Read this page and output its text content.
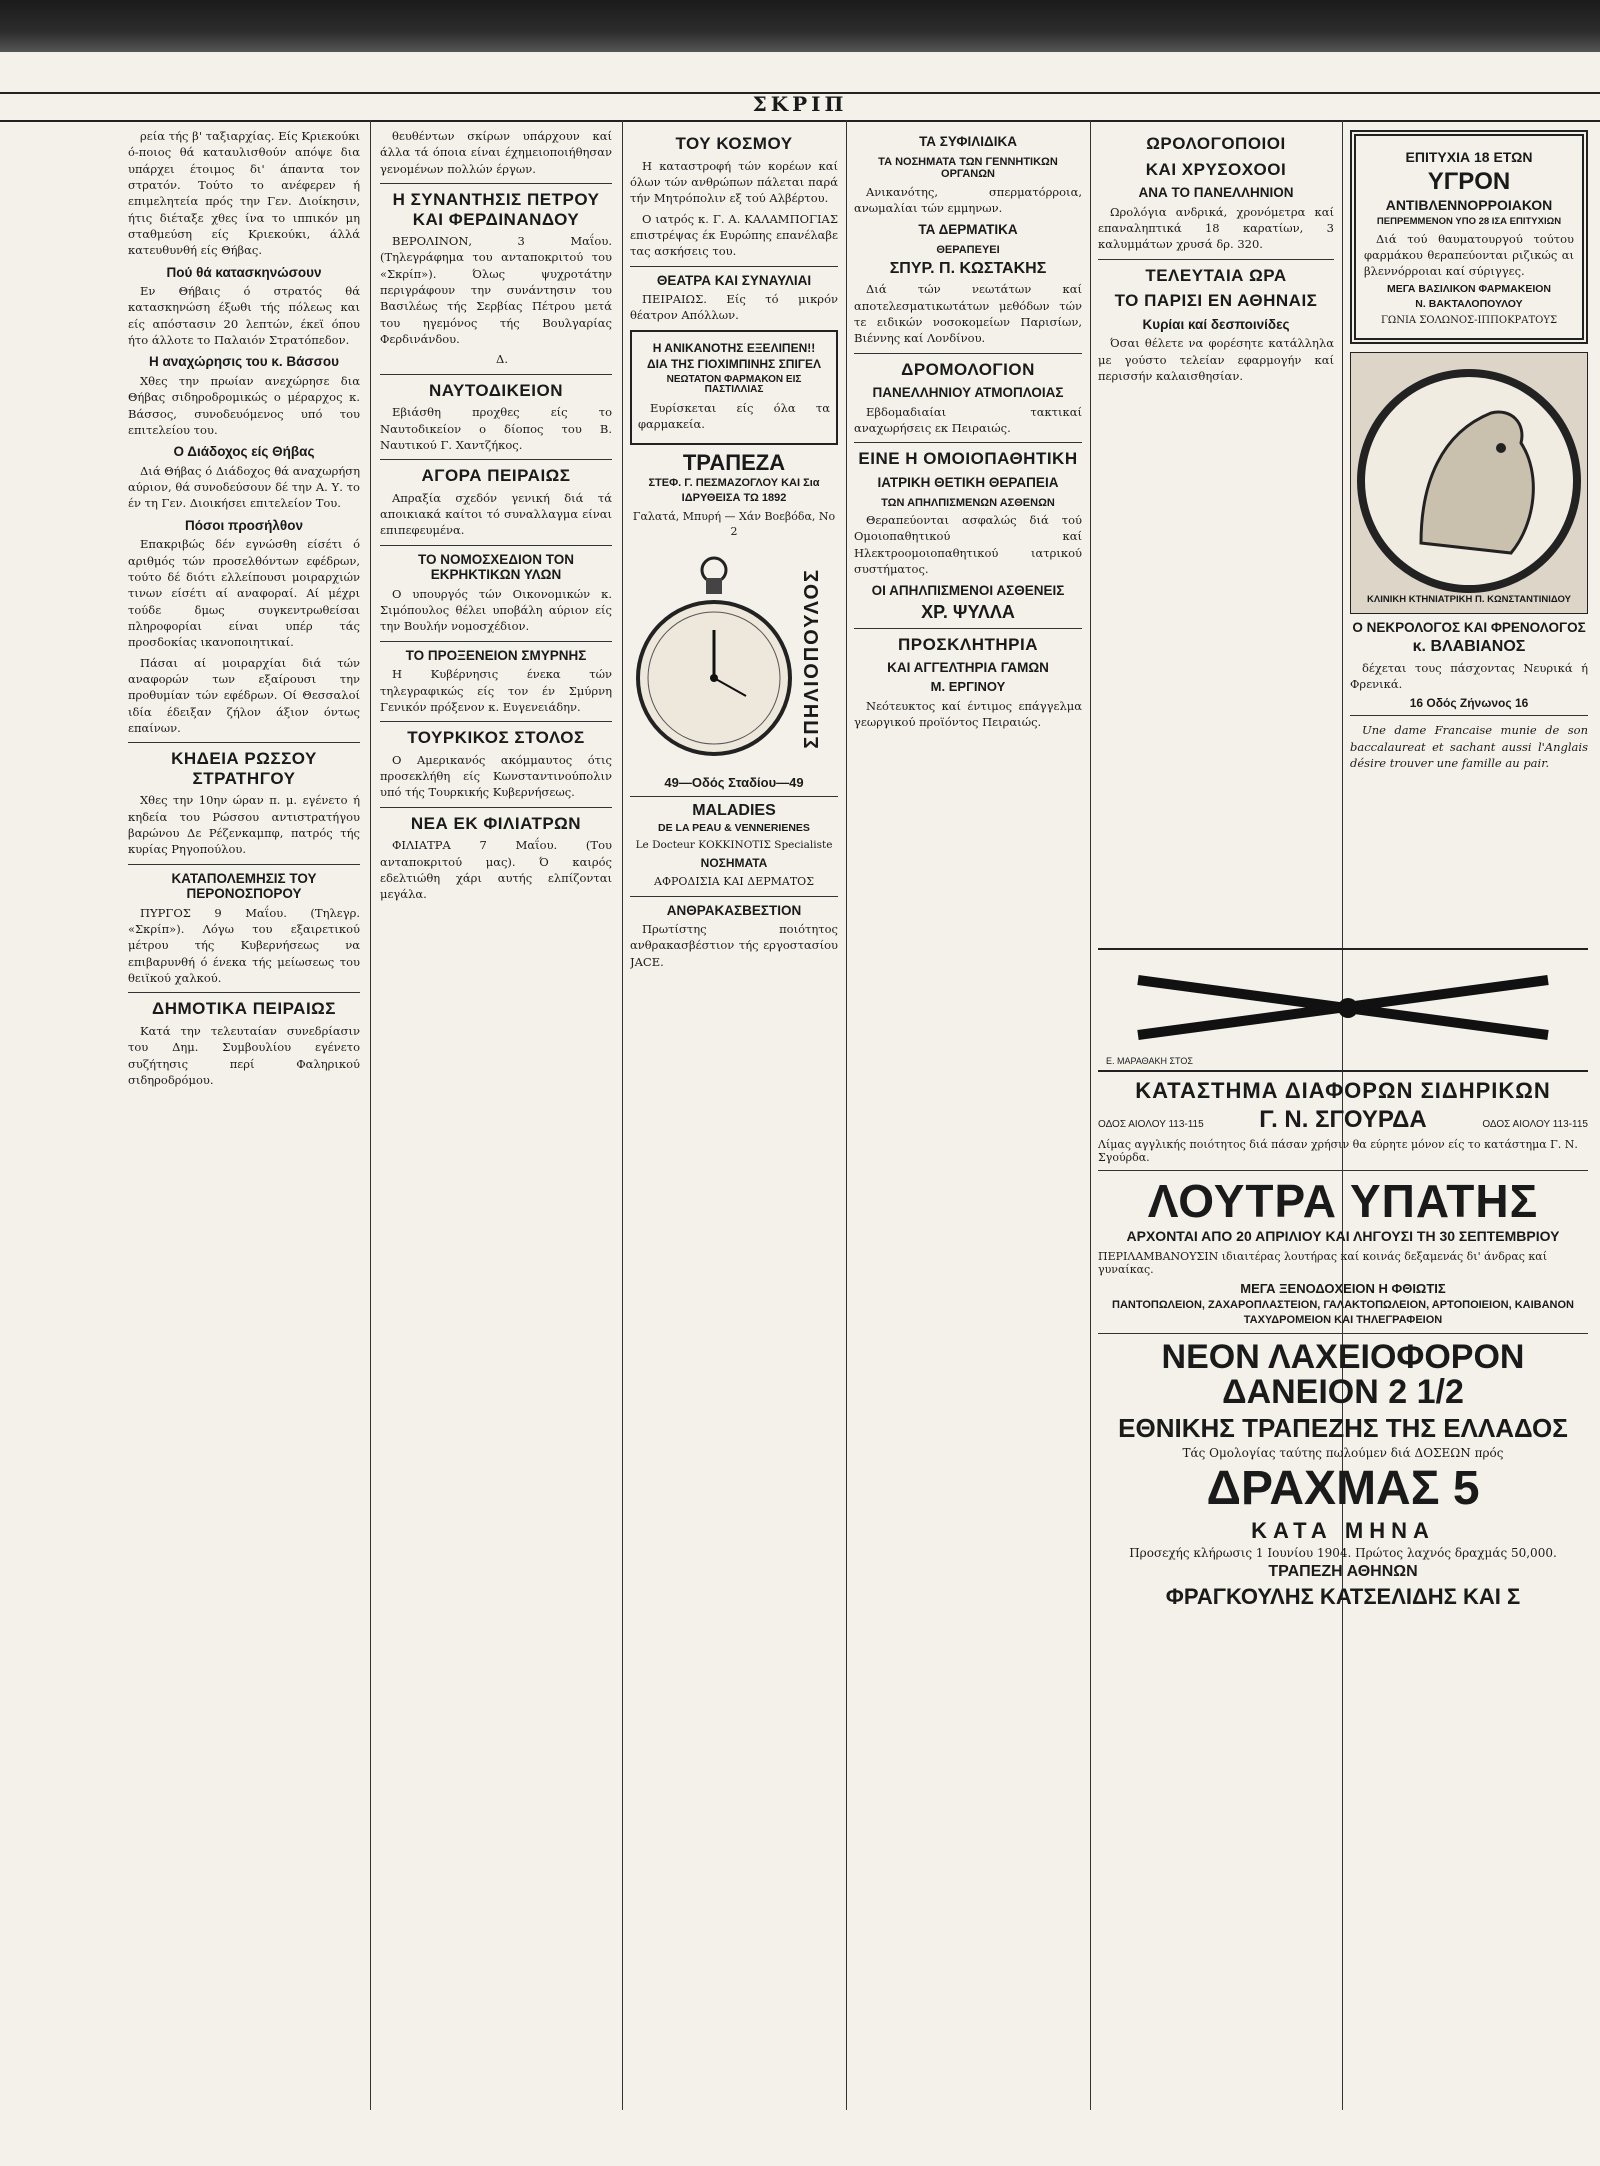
ΣΚΡΙΠ

ρεία τής β' ταξιαρχίας. Είς Κριεκούκι ό-ποιος θά καταυλισθούν απόψε δια υπάρχει έτοιμος δι' άπαντα τον στρατόν. Τούτο το ανέφερεν ή επιμελητεία πρός την Γεν. Διοίκησιν, ήτις διέταξε χθες ίνα το ιππικόν μη σταθμεύση είς Κριεκούκι, άλλά κατευθυνθή είς Θήβας.

Πού θά κατασκηνώσουν

Εν Θήβαις ό στρατός θά κατασκηνώση έξωθι τής πόλεως και είς απόστασιν 20 λεπτών, έκεϊ όπου ήτο άλλοτε το Παλαιόν Στρατόπεδον.

Η αναχώρησις του κ. Βάσσου

Χθες την πρωίαν ανεχώρησε δια Θήβας σιδηροδρομικώς ο μέραρχος κ. Βάσσος, συνοδευόμενος υπό του επιτελείου του.

Ο Διάδοχος είς Θήβας

Διά Θήβας ό Διάδοχος θά αναχωρήση αύριον, θά συνοδεύσουν δέ την Α. Υ. το έν τη Γεν. Διοικήσει επιτελείον Του.

Πόσοι προσήλθον

Επακριβώς δέν εγνώσθη είσέτι ό αριθμός τών προσελθόντων εφέδρων, τούτο δέ διότι ελλείπουσι μοιραρχιών τινων είσέτι αί αναφοραί. Αί μέχρι τούδε δμως συγκεντρωθείσαι πληροφορίαι είναι υπέρ τάς προσδοκίας ικανοποιητικαί.

Πάσαι αί μοιραρχίαι διά τών αναφορών των εξαίρουσι την προθυμίαν τών εφέδρων. Οί Θεσσαλοί ιδία έδειξαν ζήλον άξιον όντως επαίνων.

ΚΗΔΕΙΑ ΡΩΣΣΟΥ ΣΤΡΑΤΗΓΟΥ

Χθες την 10ην ώραν π. μ. εγένετο ή κηδεία του Ρώσσου αντιστρατήγου βαρώνου Δε Ρέζενκαμπφ, πατρός τής κυρίας Ρηγοπούλου.

ΚΑΤΑΠΟΛΕΜΗΣΙΣ ΤΟΥ ΠΕΡΟΝΟΣΠΟΡΟΥ

ΠΥΡΓΟΣ 9 Μαΐου. (Τηλεγρ. «Σκρίπ»). Λόγω του εξαιρετικού μέτρου τής Κυβερνήσεως να επιβαρυνθή ό ένεκα τής μείωσεως του θειϊκού χαλκού.

ΔΗΜΟΤΙΚΑ ΠΕΙΡΑΙΩΣ

Κατά την τελευταίαν συνεδρίασιν του Δημ. Συμβουλίου εγένετο συζήτησις περί Φαληρικού σιδηροδρόμου.

θευθέντων σκίρων υπάρχουν καί άλλα τά όποια είναι έχημειοποιήθησαν γενομένων πολλών έργων.

Η ΣΥΝΑΝΤΗΣΙΣ ΠΕΤΡΟΥ ΚΑΙ ΦΕΡΔΙΝΑΝΔΟΥ

ΒΕΡΟΛΙΝΟΝ, 3 Μαΐου. (Τηλεγράφημα του ανταποκριτού του «Σκρίπ»). Όλως ψυχροτάτην περιγράφουν την συνάντησιν του Βασιλέως τής Σερβίας Πέτρου μετά του ηγεμόνος τής Βουλγαρίας Φερδινάνδου.

Δ.

ΝΑΥΤΟΔΙΚΕΙΟΝ

Εβιάσθη προχθες είς το Ναυτοδικείον ο δίοπος του Β. Ναυτικού Γ. Χαντζήκος.

ΑΓΟΡΑ ΠΕΙΡΑΙΩΣ

Απραξία σχεδόν γενική διά τά αποικιακά καίτοι τό συναλλαγμα είναι επιπεφευμένα.

ΤΟ ΝΟΜΟΣΧΕΔΙΟΝ ΤΟΝ ΕΚΡΗΚΤΙΚΩΝ ΥΛΩΝ

Ο υπουργός τών Οικονομικών κ. Σιμόπουλος θέλει υποβάλη αύριον είς την Βουλήν νομοσχέδιον.

ΤΟ ΠΡΟΞΕΝΕΙΟΝ ΣΜΥΡΝΗΣ

Η Κυβέρνησις ένεκα τών τηλεγραφικώς είς τον έν Σμύρνη Γενικόν πρόξενον κ. Ευγενειάδην.

ΤΟΥΡΚΙΚΟΣ ΣΤΟΛΟΣ

Ο Αμερικανός ακόμμαυτος ότις προσεκλήθη είς Κωνσταντινούπολιν υπό τής Τουρκικής Κυβερνήσεως.

ΝΕΑ ΕΚ ΦΙΛΙΑΤΡΩΝ

ΦΙΛΙΑΤΡΑ 7 Μαΐου. (Του ανταποκριτού μας). Ό καιρός εδελτιώθη χάρι αυτής ελπίζονται μεγάλα.

ΤΟΥ ΚΟΣΜΟΥ

Η καταστροφή τών κορέων καί όλων τών ανθρώπων πάλεται παρά τήν Μητρόπολιν εξ τού Αλβέρτου.

Ο ιατρός κ. Γ. Α. ΚΑΛΑΜΠΟΓΙΑΣ επιστρέψας έκ Ευρώπης επανέλαβε τας ασκήσεις του.

ΘΕΑΤΡΑ ΚΑΙ ΣΥΝΑΥΛΙΑΙ

ΠΕΙΡΑΙΩΣ. Είς τό μικρόν θέατρον Απόλλων.

Η ΑΝΙΚΑΝΟΤΗΣ ΕΞΕΛΙΠΕΝ!!
ΔΙΑ ΤΗΣ ΓΙΟΧΙΜΠΙΝΗΣ ΣΠΙΓΕΛ
ΝΕΩΤΑΤΟΝ ΦΑΡΜΑΚΟΝ ΕΙΣ ΠΑΣΤΙΛΛΙΑΣ

Ευρίσκεται είς όλα τα φαρμακεία.

ΤΡΑΠΕΖΑ
ΣΤΕΦ. Γ. ΠΕΣΜΑΖΟΓΛΟΥ ΚΑΙ Σια
ΙΔΡΥΘΕΙΣΑ ΤΩ 1892
Γαλατά, Μπυρή — Χάν Βοεβόδα, Νο 2
ΣΠΗΛΙΟΠΟΥΛΟΣ
49—Οδός Σταδίου—49
MALADIES
DE LA PEAU & VENNERIENES
Le Docteur ΚΟΚΚΙΝΟΤΙΣ Specialiste
ΝΟΣΗΜΑΤΑ
ΑΦΡΟΔΙΣΙΑ ΚΑΙ ΔΕΡΜΑΤΟΣ
ΑΝΘΡΑΚΑΣΒΕΣΤΙΟΝ

Πρωτίστης ποιότητος ανθρακασβέστιον τής εργοστασίου JACE.

ΤΑ ΣΥΦΙΛΙΔΙΚΑ
ΤΑ ΝΟΣΗΜΑΤΑ ΤΩΝ ΓΕΝΝΗΤΙΚΩΝ ΟΡΓΑΝΩΝ

Ανικανότης, σπερματόρροια, ανωμαλίαι τών εμμηνων.

ΤΑ ΔΕΡΜΑΤΙΚΑ
ΘΕΡΑΠΕΥΕΙ
ΣΠΥΡ. Π. ΚΩΣΤΑΚΗΣ

Διά τών νεωτάτων καί αποτελεσματικωτάτων μεθόδων τών τε ειδικών νοσοκομείων Παρισίων, Βιέννης καί Λονδίνου.

ΔΡΟΜΟΛΟΓΙΟΝ
ΠΑΝΕΛΛΗΝΙΟΥ ΑΤΜΟΠΛΟΙΑΣ

Εβδομαδιαίαι τακτικαί αναχωρήσεις εκ Πειραιώς.

ΕΙΝΕ Η ΟΜΟΙΟΠΑΘΗΤΙΚΗ
ΙΑΤΡΙΚΗ ΘΕΤΙΚΗ ΘΕΡΑΠΕΙΑ
ΤΩΝ ΑΠΗΛΠΙΣΜΕΝΩΝ ΑΣΘΕΝΩΝ

Θεραπεύονται ασφαλώς διά τού Ομοιοπαθητικού καί Ηλεκτροομοιοπαθητικού ιατρικού συστήματος.

ΟΙ ΑΠΗΛΠΙΣΜΕΝΟΙ ΑΣΘΕΝΕΙΣ
ΧΡ. ΨΥΛΛΑ
ΠΡΟΣΚΛΗΤΗΡΙΑ
ΚΑΙ ΑΓΓΕΛΤΗΡΙΑ ΓΑΜΩΝ
Μ. ΕΡΓΙΝΟΥ

Νεότευκτος καί έντιμος επάγγελμα γεωργικού προϊόντος Πειραιώς.

ΩΡΟΛΟΓΟΠΟΙΟΙ
ΚΑΙ ΧΡΥΣΟΧΟΟΙ
ΑΝΑ ΤΟ ΠΑΝΕΛΛΗΝΙΟΝ

Ωρολόγια ανδρικά, χρονόμετρα καί επαναληπτικά 18 καρατίων, 3 καλυμμάτων χρυσά δρ. 320.

ΤΕΛΕΥΤΑΙΑ ΩΡΑ
ΤΟ ΠΑΡΙΣΙ ΕΝ ΑΘΗΝΑΙΣ
Κυρίαι καί δεσποινίδες

Όσαι θέλετε να φορέσητε κατάλληλα με γούστο τελείαν εφαρμογήν καί περισσήν καλαισθησίαν.

ΕΠΙΤΥΧΙΑ 18 ΕΤΩΝ
ΥΓΡΟΝ
ΑΝΤΙΒΛΕΝΝΟΡΡΟΙΑΚΟΝ
ΠΕΠΡΕΜΜΕΝΟΝ ΥΠΟ 28 ΙΣΑ ΕΠΙΤΥΧΙΩΝ

Διά τού θαυματουργού τούτου φαρμάκου θεραπεύονται ριζικώς αι βλεννόρροιαι καί σύριγγες.

ΜΕΓΑ ΒΑΣΙΛΙΚΟΝ ΦΑΡΜΑΚΕΙΟΝ
Ν. ΒΑΚΤΑΛΟΠΟΥΛΟΥ
ΓΩΝΙΑ ΣΟΛΩΝΟΣ-ΙΠΠΟΚΡΑΤΟΥΣ
ΚΛΙΝΙΚΗ ΚΤΗΝΙΑΤΡΙΚΗ Π. ΚΩΝΣΤΑΝΤΙΝΙΔΟΥ
Ο ΝΕΚΡΟΛΟΓΟΣ ΚΑΙ ΦΡΕΝΟΛΟΓΟΣ
κ. ΒΛΑΒΙΑΝΟΣ

δέχεται τους πάσχοντας Νευρικά ή Φρενικά.

16 Οδός Ζήνωνος 16

Une dame Francaise munie de son baccalaureat et sachant aussi l'Anglais désire trouver une famille au pair.

Ε. ΜΑΡΑΘΑΚΗ ΣΤΟΣ
ΚΑΤΑΣΤΗΜΑ ΔΙΑΦΟΡΩΝ ΣΙΔΗΡΙΚΩΝ
ΟΔΟΣ ΑΙΟΛΟΥ 113-115 Γ. Ν. ΣΓΟΥΡΔΑ	ΟΔΟΣ ΑΙΟΛΟΥ 113-115

Λίμας αγγλικής ποιότητος διά πάσαν χρήσιν θα εύρητε μόνον είς το κατάστημα Γ. Ν. Σγούρδα.

ΛΟΥΤΡΑ ΥΠΑΤΗΣ
ΑΡΧΟΝΤΑΙ ΑΠΟ 20 ΑΠΡΙΛΙΟΥ ΚΑΙ ΛΗΓΟΥΣΙ ΤΗ 30 ΣΕΠΤΕΜΒΡΙΟΥ

ΠΕΡΙΛΑΜΒΑΝΟΥΣΙΝ ιδιαιτέρας λουτήρας καί κοινάς δεξαμενάς δι' άνδρας καί γυναίκας.

ΜΕΓΑ ΞΕΝΟΔΟΧΕΙΟΝ Η ΦΘΙΩΤΙΣ
ΠΑΝΤΟΠΩΛΕΙΟΝ, ΖΑΧΑΡΟΠΛΑΣΤΕΙΟΝ, ΓΑΛΑΚΤΟΠΩΛΕΙΟΝ, ΑΡΤΟΠΟΙΕΙΟΝ, ΚΑΙΒΑΝΟΝ
ΤΑΧΥΔΡΟΜΕΙΟΝ ΚΑΙ ΤΗΛΕΓΡΑΦΕΙΟΝ
ΝΕΟΝ ΛΑΧΕΙΟΦΟΡΟΝ ΔΑΝΕΙΟΝ 2 1/2
ΕΘΝΙΚΗΣ ΤΡΑΠΕΖΗΣ ΤΗΣ ΕΛΛΑΔΟΣ
Τάς Ομολογίας ταύτης πωλούμεν διά ΔΟΣΕΩΝ πρός
ΔΡΑΧΜΑΣ 5
ΚΑΤΑ ΜΗΝΑ
Προσεχής κλήρωσις 1 Ιουνίου 1904. Πρώτος λαχνός δραχμάς 50,000.
ΤΡΑΠΕΖΗ ΑΘΗΝΩΝ
ΦΡΑΓΚΟΥΛΗΣ ΚΑΤΣΕΛΙΔΗΣ ΚΑΙ Σ
